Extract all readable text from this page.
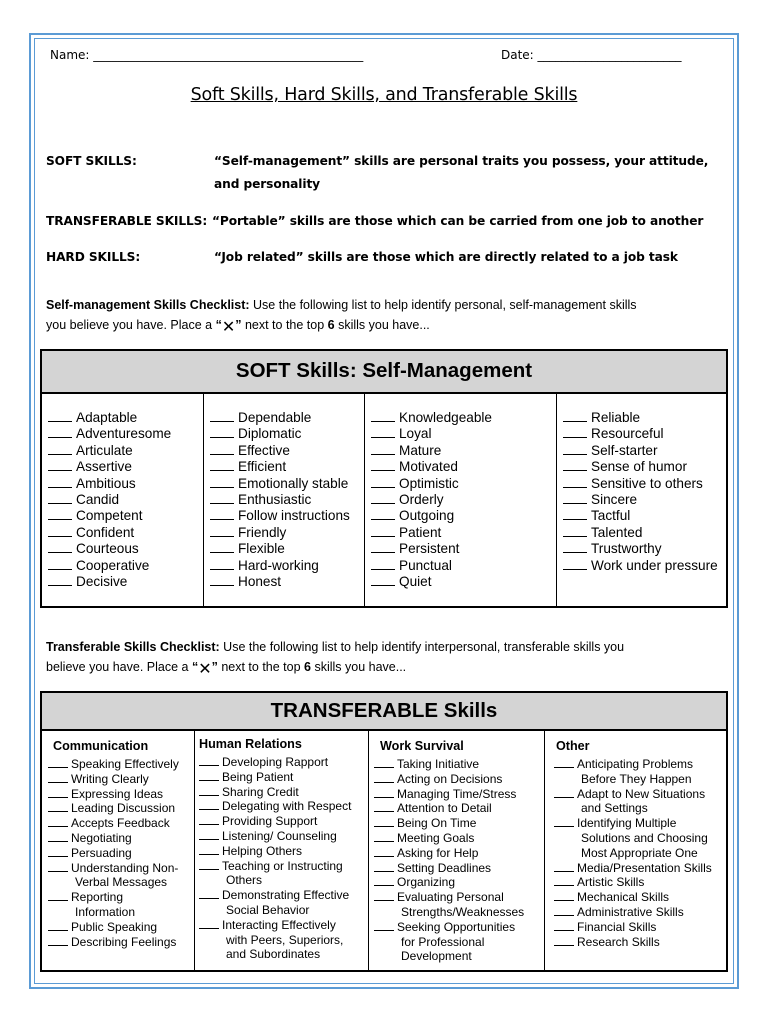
Name: _____________________________________________	Date: ________________________
Soft Skills, Hard Skills, and Transferable Skills
SOFT SKILLS:	“Self-management” skills are personal traits you possess, your attitude,
and personality
TRANSFERABLE SKILLS: “Portable” skills are those which can be carried from one job to another
HARD SKILLS:	“Job related” skills are those which are directly related to a job task
Self-management Skills Checklist: Use the following list to help identify personal, self-management skills
you believe you have. Place a “✕” next to the top 6 skills you have...
SOFT Skills: Self-Management
Adaptable
Adventuresome
Articulate
Assertive
Ambitious
Candid
Competent
Confident
Courteous
Cooperative
Decisive
Dependable
Diplomatic
Effective
Efficient
Emotionally stable
Enthusiastic
Follow instructions
Friendly
Flexible
Hard-working
Honest
Knowledgeable
Loyal
Mature
Motivated
Optimistic
Orderly
Outgoing
Patient
Persistent
Punctual
Quiet
Reliable
Resourceful
Self-starter
Sense of humor
Sensitive to others
Sincere
Tactful
Talented
Trustworthy
Work under pressure
Transferable Skills Checklist: Use the following list to help identify interpersonal, transferable skills you
believe you have. Place a “✕” next to the top 6 skills you have...
TRANSFERABLE Skills
Communication
Speaking Effectively
Writing Clearly
Expressing Ideas
Leading Discussion
Accepts Feedback
Negotiating
Persuading
Understanding Non-
Verbal Messages
Reporting
Information
Public Speaking
Describing Feelings
Human Relations
Developing Rapport
Being Patient
Sharing Credit
Delegating with Respect
Providing Support
Listening/ Counseling
Helping Others
Teaching or Instructing
Others
Demonstrating Effective
Social Behavior
Interacting Effectively
with Peers, Superiors,
and Subordinates
Work Survival
Taking Initiative
Acting on Decisions
Managing Time/Stress
Attention to Detail
Being On Time
Meeting Goals
Asking for Help
Setting Deadlines
Organizing
Evaluating Personal
Strengths/Weaknesses
Seeking Opportunities
for Professional
Development
Other
Anticipating Problems
Before They Happen
Adapt to New Situations
and Settings
Identifying Multiple
Solutions and Choosing
Most Appropriate One
Media/Presentation Skills
Artistic Skills
Mechanical Skills
Administrative Skills
Financial Skills
Research Skills
